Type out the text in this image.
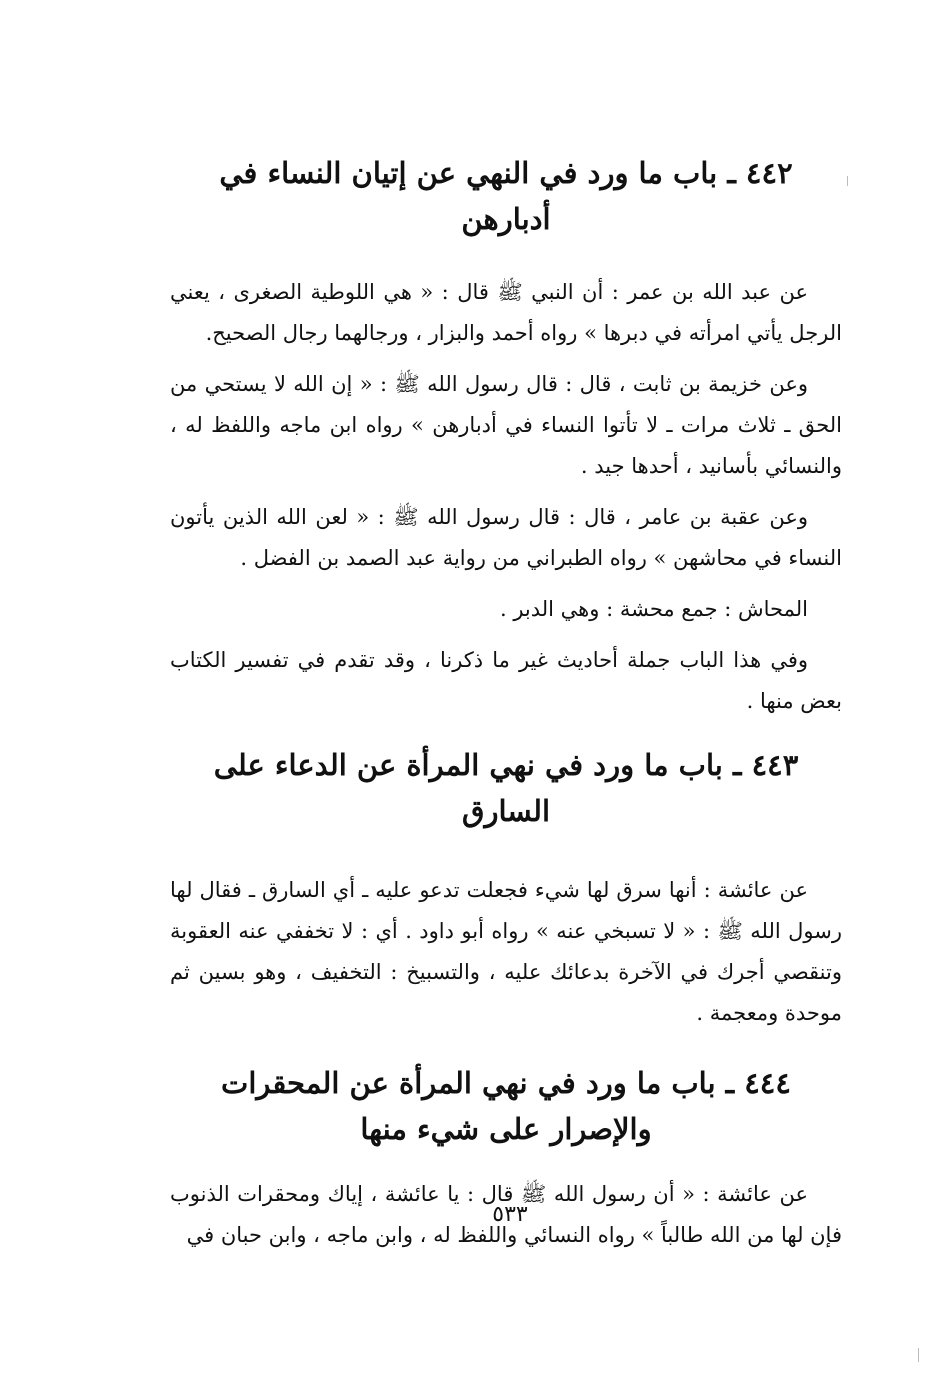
٤٤٢ ـ باب ما ورد في النهي عن إتيان النساء في أدبارهن

عن عبد الله بن عمر : أن النبي ﷺ قال : « هي اللوطية الصغرى ، يعني الرجل يأتي امرأته في دبرها » رواه أحمد والبزار ، ورجالهما رجال الصحيح.

وعن خزيمة بن ثابت ، قال : قال رسول الله ﷺ : « إن الله لا يستحي من الحق ـ ثلاث مرات ـ لا تأتوا النساء في أدبارهن » رواه ابن ماجه واللفظ له ، والنسائي بأسانيد ، أحدها جيد .

وعن عقبة بن عامر ، قال : قال رسول الله ﷺ : « لعن الله الذين يأتون النساء في محاشهن » رواه الطبراني من رواية عبد الصمد بن الفضل .

المحاش : جمع محشة : وهي الدبر .

وفي هذا الباب جملة أحاديث غير ما ذكرنا ، وقد تقدم في تفسير الكتاب بعض منها .

٤٤٣ ـ باب ما ورد في نهي المرأة عن الدعاء على السارق

عن عائشة : أنها سرق لها شيء فجعلت تدعو عليه ـ أي السارق ـ فقال لها رسول الله ﷺ : « لا تسبخي عنه » رواه أبو داود . أي : لا تخففي عنه العقوبة وتنقصي أجرك في الآخرة بدعائك عليه ، والتسبيخ : التخفيف ، وهو بسين ثم موحدة ومعجمة .

٤٤٤ ـ باب ما ورد في نهي المرأة عن المحقرات
والإصرار على شيء منها

عن عائشة : « أن رسول الله ﷺ قال : يا عائشة ، إياك ومحقرات الذنوب فإن لها من الله طالباً » رواه النسائي واللفظ له ، وابن ماجه ، وابن حبان في

٥٣٣
